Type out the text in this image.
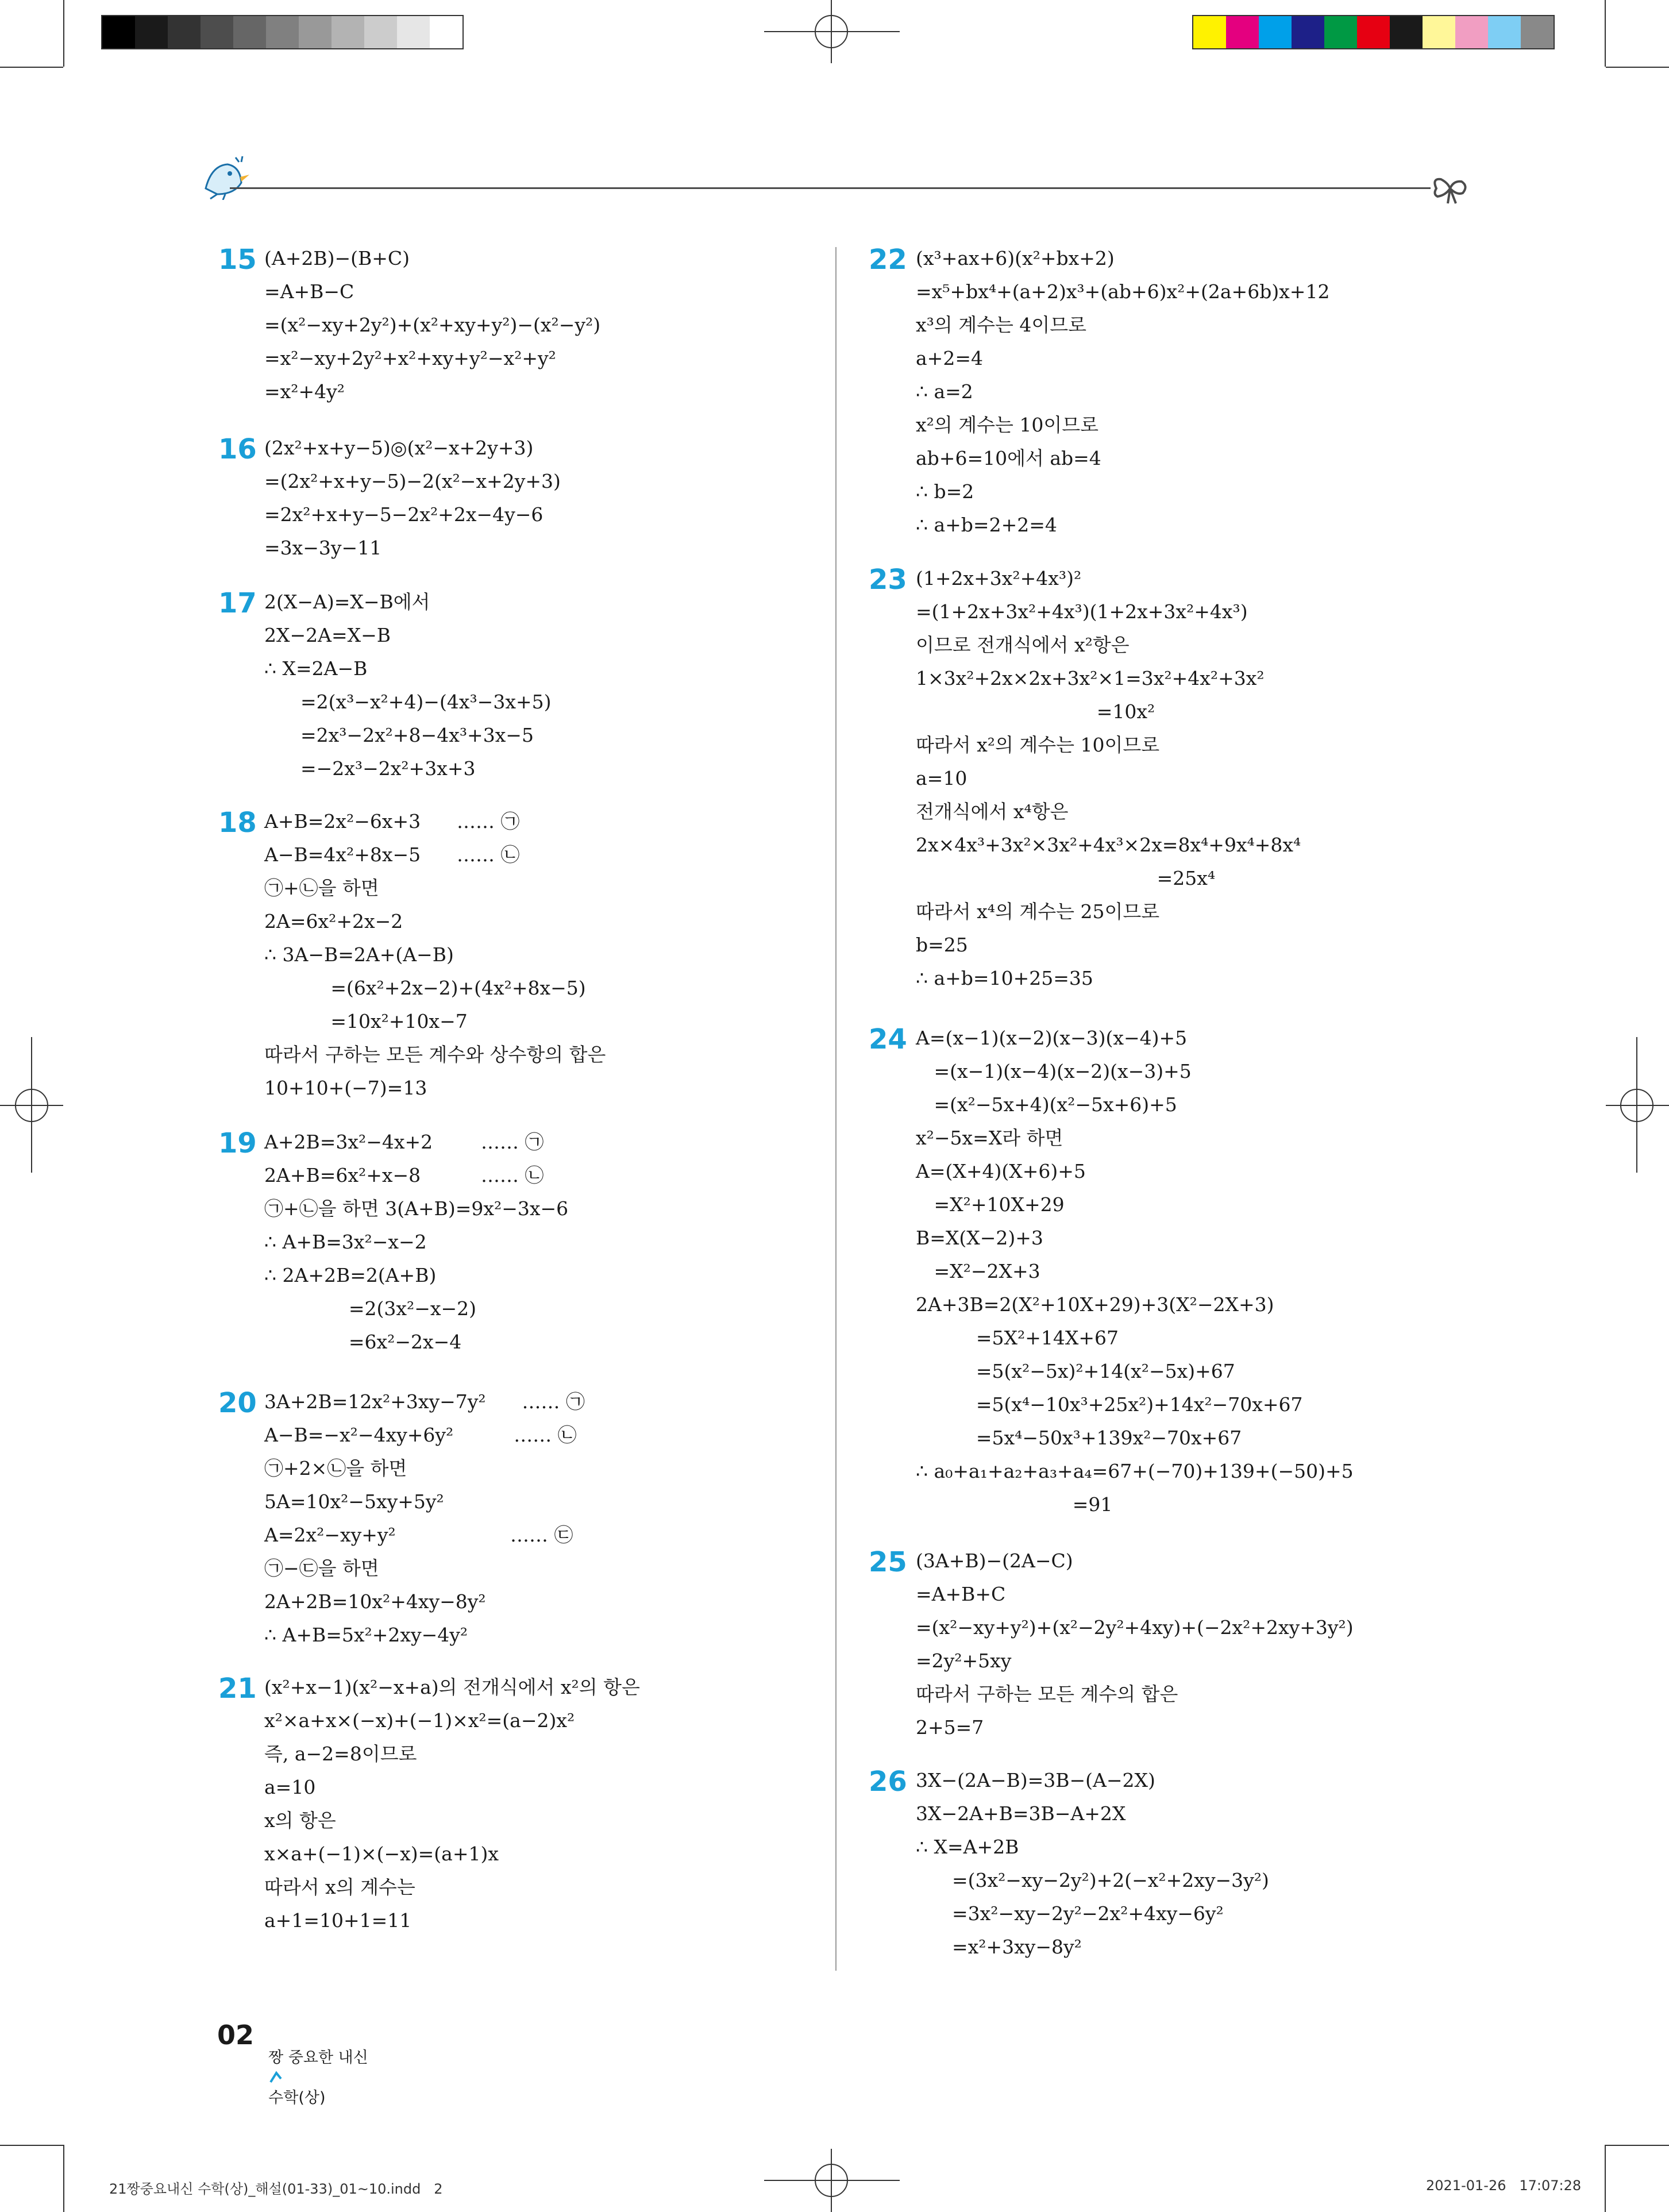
15 (A+2B)−(B+C)
=A+B−C
=(x²−xy+2y²)+(x²+xy+y²)−(x²−y²)
=x²−xy+2y²+x²+xy+y²−x²+y²
=x²+4y²
16 (2x²+x+y−5)◎(x²−x+2y+3)
=(2x²+x+y−5)−2(x²−x+2y+3)
=2x²+x+y−5−2x²+2x−4y−6
=3x−3y−11
17 2(X−A)=X−B에서
2X−2A=X−B
∴ X=2A−B
=2(x³−x²+4)−(4x³−3x+5)
=2x³−2x²+8−4x³+3x−5
=−2x³−2x²+3x+3
18 A+B=2x²−6x+3      …… ㉠
A−B=4x²+8x−5      …… ㉡
㉠+㉡을 하면
2A=6x²+2x−2
∴ 3A−B=2A+(A−B)
=(6x²+2x−2)+(4x²+8x−5)
=10x²+10x−7
따라서 구하는 모든 계수와 상수항의 합은
10+10+(−7)=13
19 A+2B=3x²−4x+2        …… ㉠
2A+B=6x²+x−8          …… ㉡
㉠+㉡을 하면 3(A+B)=9x²−3x−6
∴ A+B=3x²−x−2
∴ 2A+2B=2(A+B)
=2(3x²−x−2)
=6x²−2x−4
20 3A+2B=12x²+3xy−7y²      …… ㉠
A−B=−x²−4xy+6y²          …… ㉡
㉠+2×㉡을 하면
5A=10x²−5xy+5y²
A=2x²−xy+y²                   …… ㉢
㉠−㉢을 하면
2A+2B=10x²+4xy−8y²
∴ A+B=5x²+2xy−4y²
21 (x²+x−1)(x²−x+a)의 전개식에서 x²의 항은
x²×a+x×(−x)+(−1)×x²=(a−2)x²
즉, a−2=8이므로
a=10
x의 항은
x×a+(−1)×(−x)=(a+1)x
따라서 x의 계수는
a+1=10+1=11
22 (x³+ax+6)(x²+bx+2)
=x⁵+bx⁴+(a+2)x³+(ab+6)x²+(2a+6b)x+12
x³의 계수는 4이므로
a+2=4
∴ a=2
x²의 계수는 10이므로
ab+6=10에서 ab=4
∴ b=2
∴ a+b=2+2=4
23 (1+2x+3x²+4x³)²
=(1+2x+3x²+4x³)(1+2x+3x²+4x³)
이므로 전개식에서 x²항은
1×3x²+2x×2x+3x²×1=3x²+4x²+3x²
=10x²
따라서 x²의 계수는 10이므로
a=10
전개식에서 x⁴항은
2x×4x³+3x²×3x²+4x³×2x=8x⁴+9x⁴+8x⁴
=25x⁴
따라서 x⁴의 계수는 25이므로
b=25
∴ a+b=10+25=35
24 A=(x−1)(x−2)(x−3)(x−4)+5
=(x−1)(x−4)(x−2)(x−3)+5
=(x²−5x+4)(x²−5x+6)+5
x²−5x=X라 하면
A=(X+4)(X+6)+5
=X²+10X+29
B=X(X−2)+3
=X²−2X+3
2A+3B=2(X²+10X+29)+3(X²−2X+3)
=5X²+14X+67
=5(x²−5x)²+14(x²−5x)+67
=5(x⁴−10x³+25x²)+14x²−70x+67
=5x⁴−50x³+139x²−70x+67
∴ a₀+a₁+a₂+a₃+a₄=67+(−70)+139+(−50)+5
=91
25 (3A+B)−(2A−C)
=A+B+C
=(x²−xy+y²)+(x²−2y²+4xy)+(−2x²+2xy+3y²)
=2y²+5xy
따라서 구하는 모든 계수의 합은
2+5=7
26 3X−(2A−B)=3B−(A−2X)
3X−2A+B=3B−A+2X
∴ X=A+2B
=(3x²−xy−2y²)+2(−x²+2xy−3y²)
=3x²−xy−2y²−2x²+4xy−6y²
=x²+3xy−8y²
02

짱 중요한 내신

수학(상)

21짱중요내신 수학(상)_해설(01-33)_01~10.indd   2	2021-01-26   17:07:28
